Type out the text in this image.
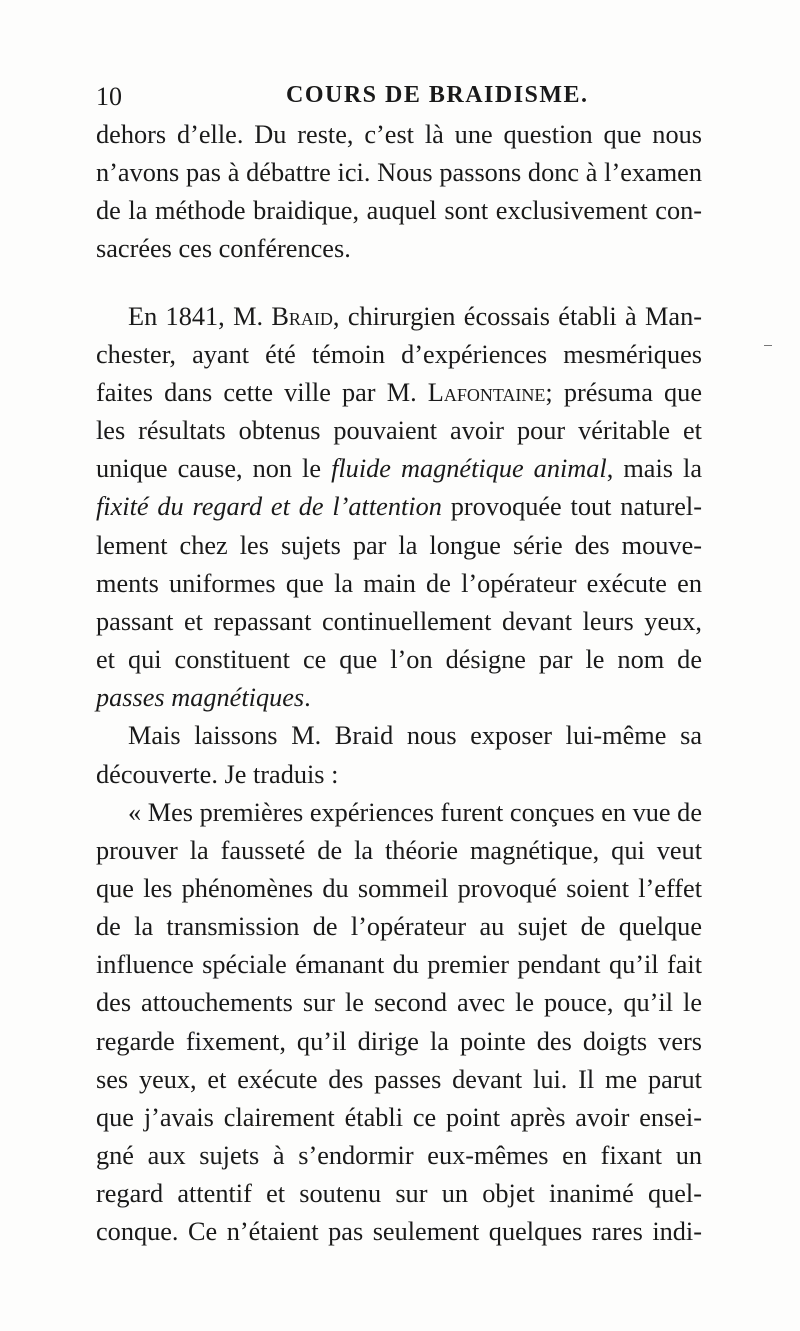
10	COURS DE BRAIDISME.

dehors d’elle. Du reste, c’est là une question que nous
n’avons pas à débattre ici. Nous passons donc à l’examen
de la méthode braidique, auquel sont exclusivement con-
sacrées ces conférences.

En 1841, M. Braid, chirurgien écossais établi à Man-
chester, ayant été témoin d’expériences mesmériques
faites dans cette ville par M. Lafontaine; présuma que
les résultats obtenus pouvaient avoir pour véritable et
unique cause, non le fluide magnétique animal, mais la
fixité du regard et de l’attention provoquée tout naturel-
lement chez les sujets par la longue série des mouve-
ments uniformes que la main de l’opérateur exécute en
passant et repassant continuellement devant leurs yeux,
et qui constituent ce que l’on désigne par le nom de
passes magnétiques.

Mais laissons M. Braid nous exposer lui-même sa
découverte. Je traduis :

« Mes premières expériences furent conçues en vue de
prouver la fausseté de la théorie magnétique, qui veut
que les phénomènes du sommeil provoqué soient l’effet
de la transmission de l’opérateur au sujet de quelque
influence spéciale émanant du premier pendant qu’il fait
des attouchements sur le second avec le pouce, qu’il le
regarde fixement, qu’il dirige la pointe des doigts vers
ses yeux, et exécute des passes devant lui. Il me parut
que j’avais clairement établi ce point après avoir ensei-
gné aux sujets à s’endormir eux-mêmes en fixant un
regard attentif et soutenu sur un objet inanimé quel-
conque. Ce n’étaient pas seulement quelques rares indi-
